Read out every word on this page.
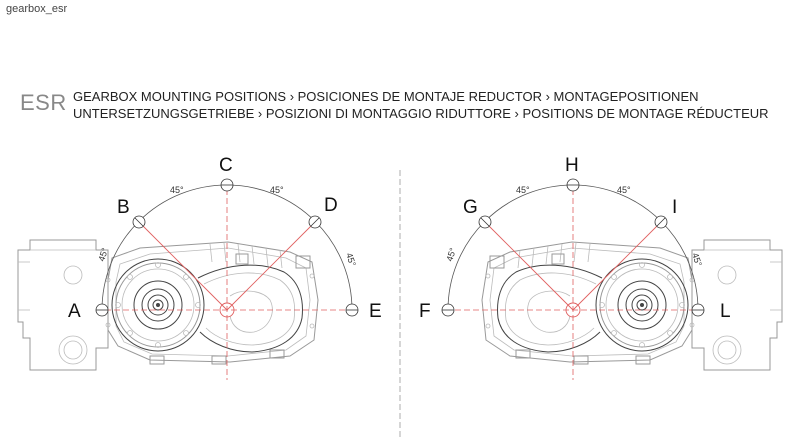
gearbox_esr
ESR GEARBOX MOUNTING POSITIONS › POSICIONES DE MONTAJE REDUCTOR › MONTAGEPOSITIONEN
UNTERSETZUNGSGETRIEBE › POSIZIONI DI MONTAGGIO RIDUTTORE › POSITIONS DE MONTAGE RÉDUCTEUR
A
B
C
D
E
45°	45°
45°	45°
F
G
H
I
L
45°	45°
45°	45°
